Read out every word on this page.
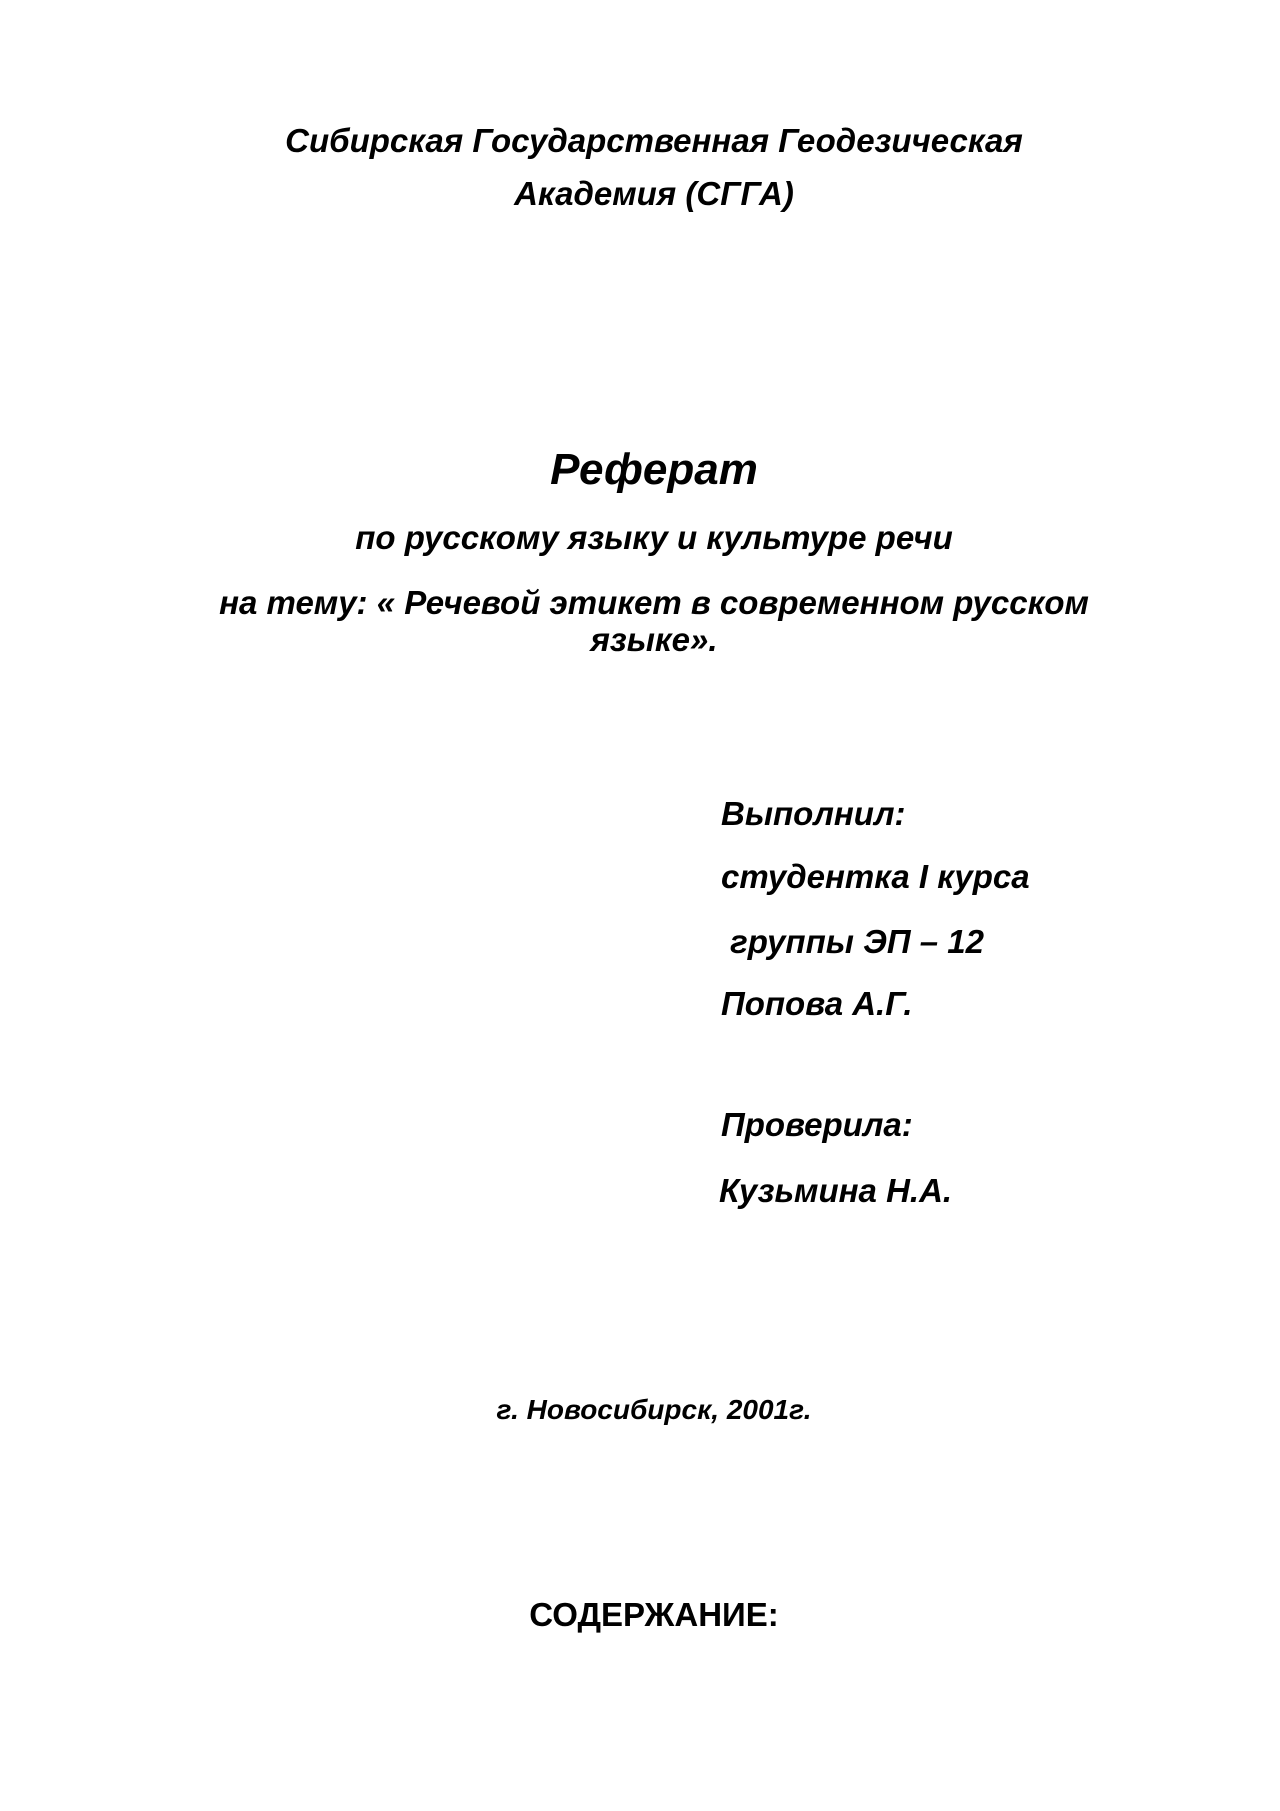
Сибирская Государственная Геодезическая
Академия (СГГА)
Реферат
по русскому языку и культуре речи
на тему: « Речевой этикет в современном русском
языке».
Выполнил:
студентка I курса
группы ЭП – 12
Попова А.Г.
Проверила:
Кузьмина Н.А.
г. Новосибирск, 2001г.
СОДЕРЖАНИЕ:
